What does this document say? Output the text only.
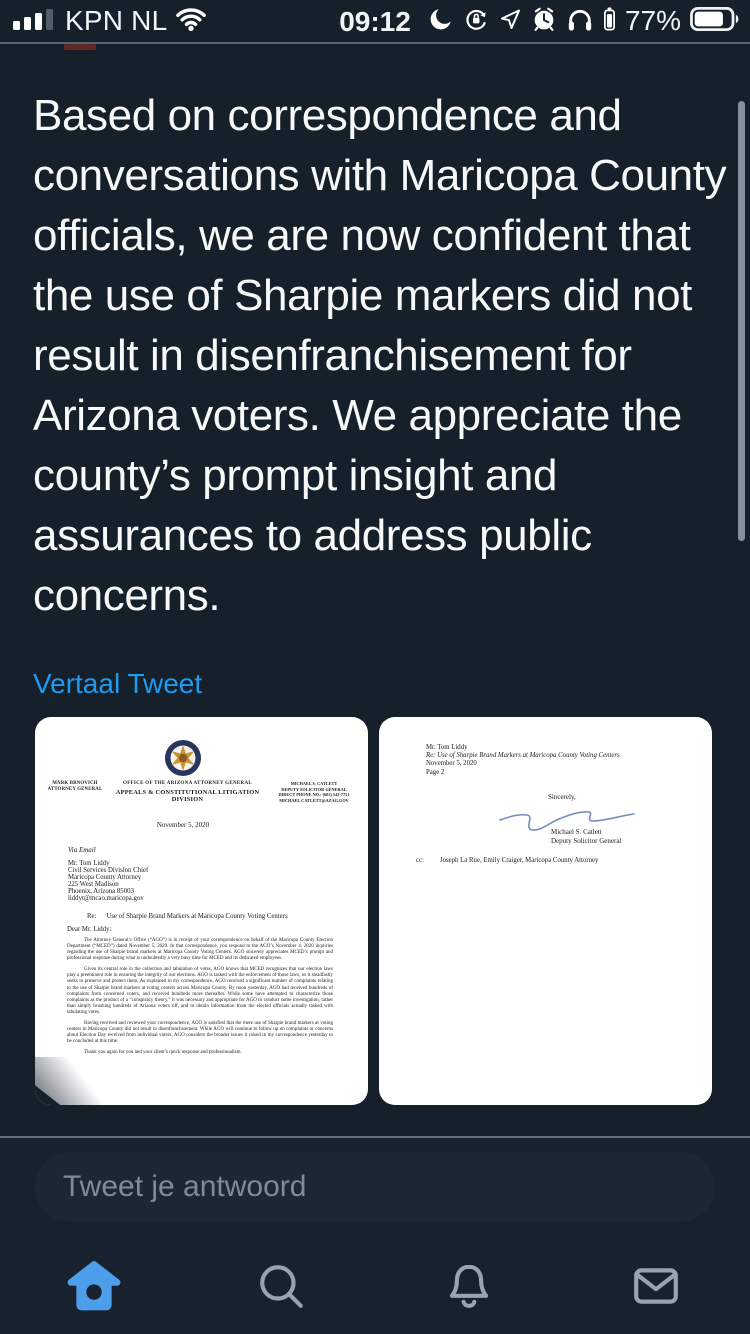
KPN NL	09:12	77%
Based on correspondence and
conversations with Maricopa County
officials, we are now confident that
the use of Sharpie markers did not
result in disenfranchisement for
Arizona voters. We appreciate the
county’s prompt insight and
assurances to address public
concerns.
Vertaal Tweet
MARK BRNOVICH
ATTORNEY GENERAL
OFFICE OF THE ARIZONA ATTORNEY GENERAL
APPEALS & CONSTITUTIONAL LITIGATION DIVISION
MICHAEL S. CATLETT
DEPUTY SOLICITOR GENERAL
DIRECT PHONE NO.: (602) 542-7751
MICHAEL.CATLETT@AZAG.GOV
November 5, 2020
Via Email
Mr. Tom Liddy
Civil Services Division Chief
Maricopa County Attorney
225 West Madison
Phoenix, Arizona 85003
liddyt@mcao.maricopa.gov
Re: Use of Sharpie Brand Markers at Maricopa County Voting Centers
Dear Mr. Liddy:

The Attorney General’s Office (“AGO”) is in receipt of your correspondence on behalf of the Maricopa County Election Department (“MCED”) dated November 5, 2020. In that correspondence, you respond to the AGO’s November 4, 2020 inquiries regarding the use of Sharpie brand markers at Maricopa County Voting Centers. AGO sincerely appreciates MCED’s prompt and professional response during what is undoubtedly a very busy time for MCED and its dedicated employees.

Given its central role in the collection and tabulation of votes, AGO knows that MCED recognizes that our election laws play a preeminent role in ensuring the integrity of our elections. AGO is tasked with the enforcement of those laws, so it steadfastly seeks to preserve and protect them. As explained in my correspondence, AGO received a significant number of complaints relating to the use of Sharpie brand markers at voting centers across Maricopa County. By noon yesterday, AGO had received hundreds of complaints from concerned voters, and received hundreds more thereafter. While some have attempted to characterize those complaints as the product of a “conspiracy theory,” it was necessary and appropriate for AGO to conduct some investigation, rather than simply brushing hundreds of Arizona voters off, and to obtain information from the elected officials actually tasked with tabulating votes.

Having received and reviewed your correspondence, AGO is satisfied that the mere use of Sharpie brand markers at voting centers in Maricopa County did not result in disenfranchisement. While AGO will continue to follow up on complaints or concerns about Election Day received from individual voters, AGO considers the broader issues it raised in my correspondence yesterday to be concluded at this time.

Thank you again for you and your client’s quick response and professionalism.

Mr. Tom Liddy
Re: Use of Sharpie Brand Markers at Maricopa County Voting Centers
November 5, 2020
Page 2
Sincerely,
Michael S. Catlett
Deputy Solicitor General
cc: Joseph La Rue, Emily Craiger, Maricopa County Attorney
Tweet je antwoord
